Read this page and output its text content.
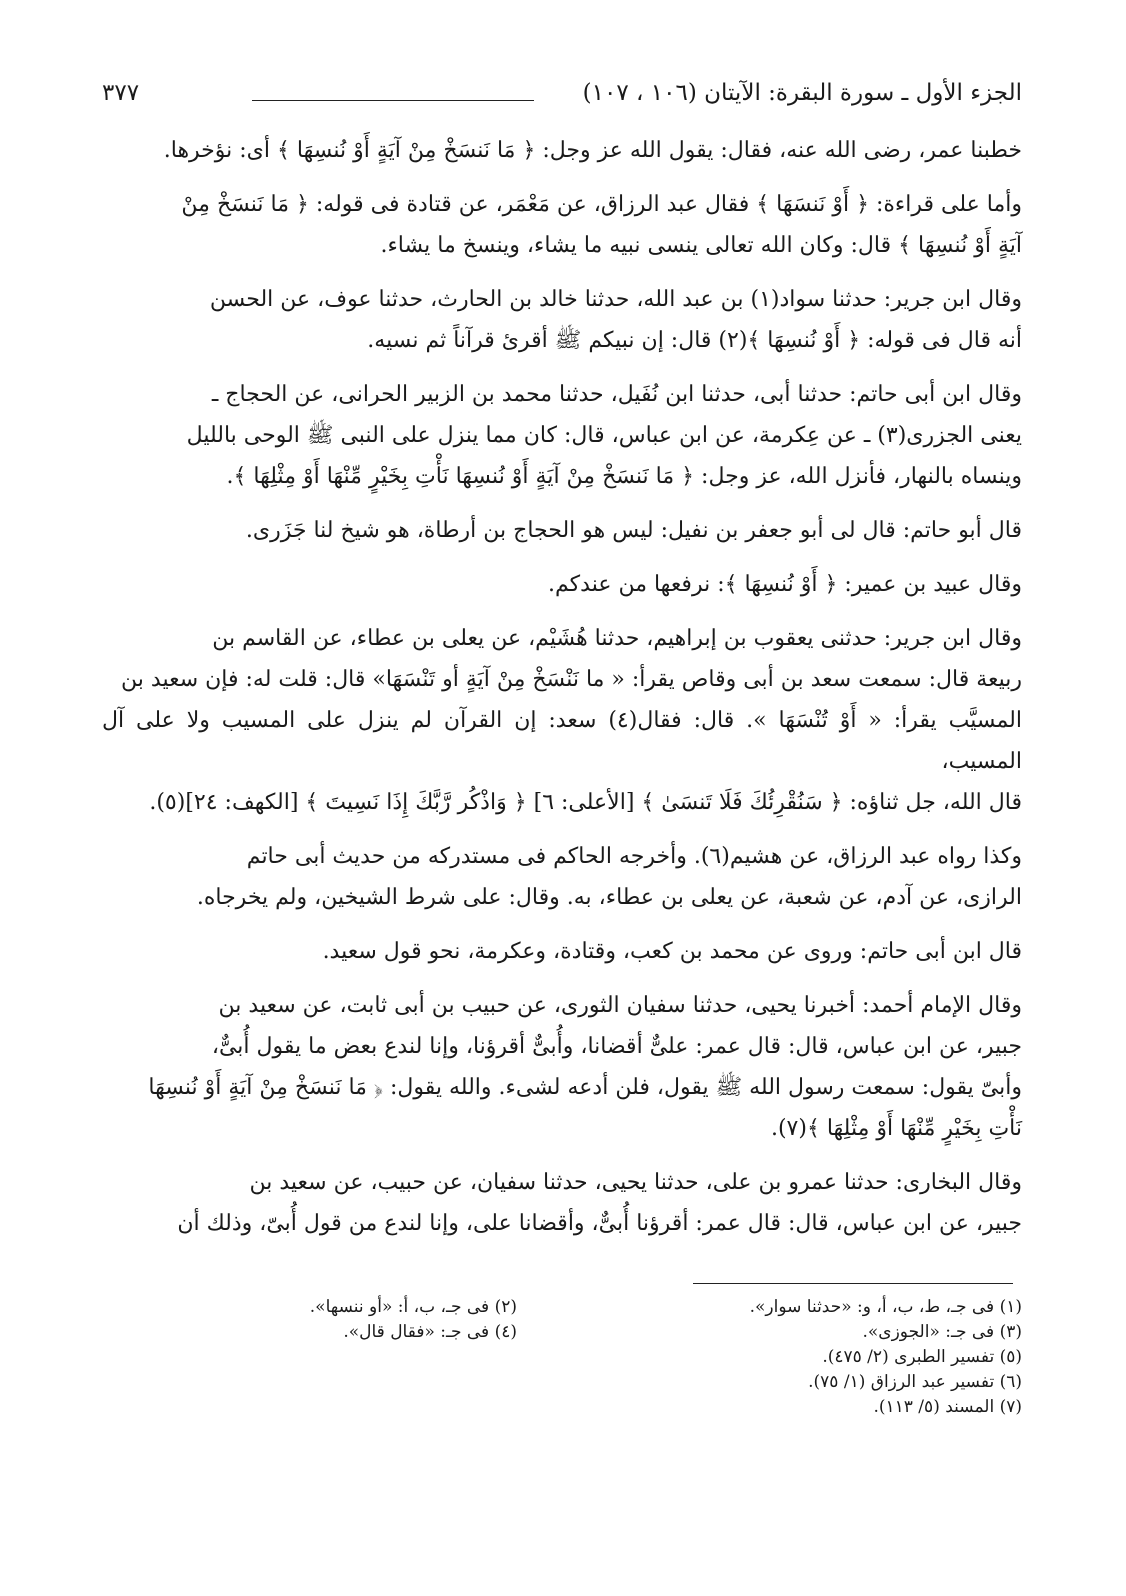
الجزء الأول ـ سورة البقرة: الآيتان (١٠٦ ، ١٠٧)
٣٧٧

خطبنا عمر، رضى الله عنه، فقال: يقول الله عز وجل: ﴿ مَا نَنسَخْ مِنْ آيَةٍ أَوْ نُنسِهَا ﴾ أى: نؤخرها.

وأما على قراءة: ﴿ أَوْ نَنسَهَا ﴾ فقال عبد الرزاق، عن مَعْمَر، عن قتادة فى قوله: ﴿ مَا نَنسَخْ مِنْ
آيَةٍ أَوْ نُنسِهَا ﴾ قال: وكان الله تعالى ينسى نبيه ما يشاء، وينسخ ما يشاء.

وقال ابن جرير: حدثنا سواد(١) بن عبد الله، حدثنا خالد بن الحارث، حدثنا عوف، عن الحسن
أنه قال فى قوله: ﴿ أَوْ نُنسِهَا ﴾(٢) قال: إن نبيكم ﷺ أقرئ قرآناً ثم نسيه.

وقال ابن أبى حاتم: حدثنا أبى، حدثنا ابن نُفَيل، حدثنا محمد بن الزبير الحرانى، عن الحجاج ـ
يعنى الجزرى(٣) ـ عن عِكرمة، عن ابن عباس، قال: كان مما ينزل على النبى ﷺ الوحى بالليل
وينساه بالنهار، فأنزل الله، عز وجل: ﴿ مَا نَنسَخْ مِنْ آيَةٍ أَوْ نُنسِهَا نَأْتِ بِخَيْرٍ مِّنْهَا أَوْ مِثْلِهَا ﴾.

قال أبو حاتم: قال لى أبو جعفر بن نفيل: ليس هو الحجاج بن أرطاة، هو شيخ لنا جَزَرى.

وقال عبيد بن عمير: ﴿ أَوْ نُنسِهَا ﴾: نرفعها من عندكم.

وقال ابن جرير: حدثنى يعقوب بن إبراهيم، حدثنا هُشَيْم، عن يعلى بن عطاء، عن القاسم بن
ربيعة قال: سمعت سعد بن أبى وقاص يقرأ: « ما نَنْسَخْ مِنْ آيَةٍ أو تَنْسَهَا» قال: قلت له: فإن سعيد بن
المسيَّب يقرأ: « أَوْ تُنْسَهَا ». قال: فقال(٤) سعد: إن القرآن لم ينزل على المسيب ولا على آل المسيب،
قال الله، جل ثناؤه: ﴿ سَنُقْرِئُكَ فَلَا تَنسَىٰ ﴾ [الأعلى: ٦] ﴿ وَاذْكُر رَّبَّكَ إِذَا نَسِيتَ ﴾ [الكهف: ٢٤](٥).

وكذا رواه عبد الرزاق، عن هشيم(٦). وأخرجه الحاكم فى مستدركه من حديث أبى حاتم
الرازى، عن آدم، عن شعبة، عن يعلى بن عطاء، به. وقال: على شرط الشيخين، ولم يخرجاه.

قال ابن أبى حاتم: وروى عن محمد بن كعب، وقتادة، وعكرمة، نحو قول سعيد.

وقال الإمام أحمد: أخبرنا يحيى، حدثنا سفيان الثورى، عن حبيب بن أبى ثابت، عن سعيد بن
جبير، عن ابن عباس، قال: قال عمر: علىٌّ أقضانا، وأُبىٌّ أقرؤنا، وإنا لندع بعض ما يقول أُبىٌّ،
وأبىّ يقول: سمعت رسول الله ﷺ يقول، فلن أدعه لشىء. والله يقول: ﴿ مَا نَنسَخْ مِنْ آيَةٍ أَوْ نُنسِهَا
نَأْتِ بِخَيْرٍ مِّنْهَا أَوْ مِثْلِهَا ﴾(٧).

وقال البخارى: حدثنا عمرو بن على، حدثنا يحيى، حدثنا سفيان، عن حبيب، عن سعيد بن
جبير، عن ابن عباس، قال: قال عمر: أقرؤنا أُبىٌّ، وأقضانا على، وإنا لندع من قول أُبىّ، وذلك أن

(١) فى جـ، ط، ب، أ، و: «حدثنا سوار».
(٢) فى جـ، ب، أ: «أو ننسها».
(٣) فى جـ: «الجوزى».
(٤) فى جـ: «فقال قال».
(٥) تفسير الطبرى (٢/ ٤٧٥).
(٦) تفسير عبد الرزاق (١/ ٧٥).
(٧) المسند (٥/ ١١٣).
